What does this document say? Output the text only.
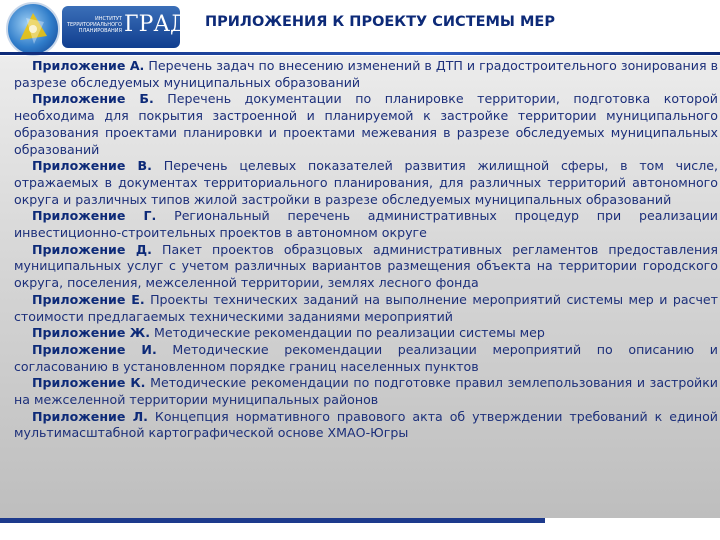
ИНСТИТУТ ТЕРРИТОРИАЛЬНОГО ПЛАНИРОВАНИЯ ГРАД ПРИЛОЖЕНИЯ К ПРОЕКТУ СИСТЕМЫ МЕР

Приложение А. Перечень задач по внесению изменений в ДТП и градостроительного зонирования в разрезе обследуемых муниципальных образований

Приложение Б. Перечень документации по планировке территории, подготовка которой необходима для покрытия застроенной и планируемой к застройке территории муниципального образования проектами планировки и проектами межевания в разрезе обследуемых муниципальных образований

Приложение В. Перечень целевых показателей развития жилищной сферы, в том числе, отражаемых в документах территориального планирования, для различных территорий автономного округа и различных типов жилой застройки в разрезе обследуемых муниципальных образований

Приложение Г. Региональный перечень административных процедур при реализации инвестиционно-строительных проектов в автономном округе

Приложение Д. Пакет проектов образцовых административных регламентов предоставления муниципальных услуг с учетом различных вариантов размещения объекта на территории городского округа, поселения, межселенной территории, землях лесного фонда

Приложение Е. Проекты технических заданий на выполнение мероприятий системы мер и расчет стоимости предлагаемых техническими заданиями мероприятий

Приложение Ж. Методические рекомендации по реализации системы мер

Приложение И. Методические рекомендации реализации мероприятий по описанию и согласованию в установленном порядке границ населенных пунктов

Приложение К. Методические рекомендации по подготовке правил землепользования и застройки на межселенной территории муниципальных районов

Приложение Л. Концепция нормативного правового акта об утверждении требований к единой мультимасштабной картографической основе ХМАО-Югры
